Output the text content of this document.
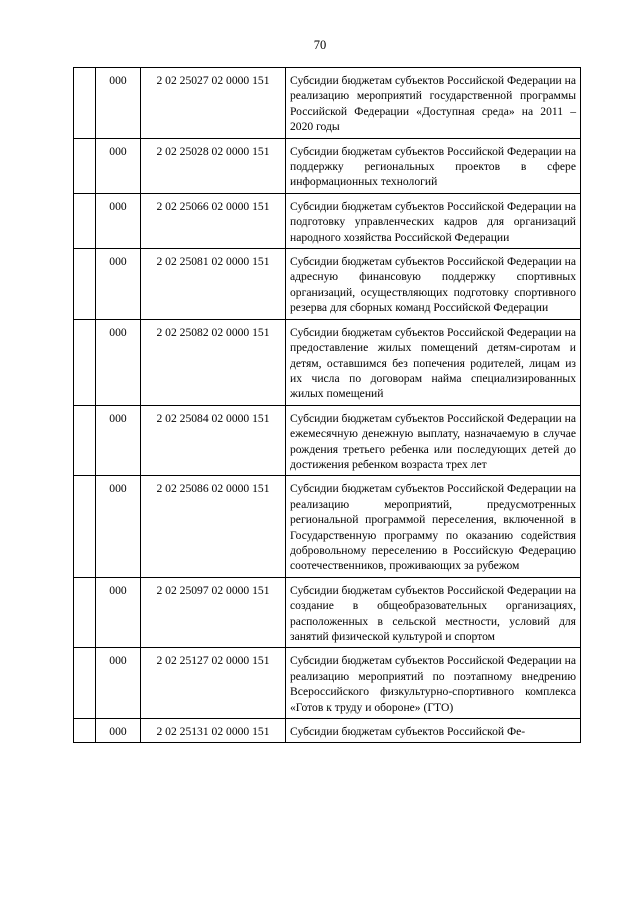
70
	000	2 02 25027 02 0000 151	Субсидии бюджетам субъектов Российской Федерации на реализацию мероприятий государственной программы Российской Федерации «Доступная среда» на 2011 – 2020 годы
	000	2 02 25028 02 0000 151	Субсидии бюджетам субъектов Российской Федерации на поддержку региональных проектов в сфере информационных технологий
	000	2 02 25066 02 0000 151	Субсидии бюджетам субъектов Российской Федерации на подготовку управленческих кадров для организаций народного хозяйства Российской Федерации
	000	2 02 25081 02 0000 151	Субсидии бюджетам субъектов Российской Федерации на адресную финансовую поддержку спортивных организаций, осуществляющих подготовку спортивного резерва для сборных команд Российской Федерации
	000	2 02 25082 02 0000 151	Субсидии бюджетам субъектов Российской Федерации на предоставление жилых помещений детям-сиротам и детям, оставшимся без попечения родителей, лицам из их числа по договорам найма специализированных жилых помещений
	000	2 02 25084 02 0000 151	Субсидии бюджетам субъектов Российской Федерации на ежемесячную денежную выплату, назначаемую в случае рождения третьего ребенка или последующих детей до достижения ребенком возраста трех лет
	000	2 02 25086 02 0000 151	Субсидии бюджетам субъектов Российской Федерации на реализацию мероприятий, предусмотренных региональной программой переселения, включенной в Государственную программу по оказанию содействия добровольному переселению в Российскую Федерацию соотечественников, проживающих за рубежом
	000	2 02 25097 02 0000 151	Субсидии бюджетам субъектов Российской Федерации на создание в общеобразовательных организациях, расположенных в сельской местности, условий для занятий физической культурой и спортом
	000	2 02 25127 02 0000 151	Субсидии бюджетам субъектов Российской Федерации на реализацию мероприятий по поэтапному внедрению Всероссийского физкультурно-спортивного комплекса «Готов к труду и обороне» (ГТО)
	000	2 02 25131 02 0000 151	Субсидии бюджетам субъектов Российской Фе-
